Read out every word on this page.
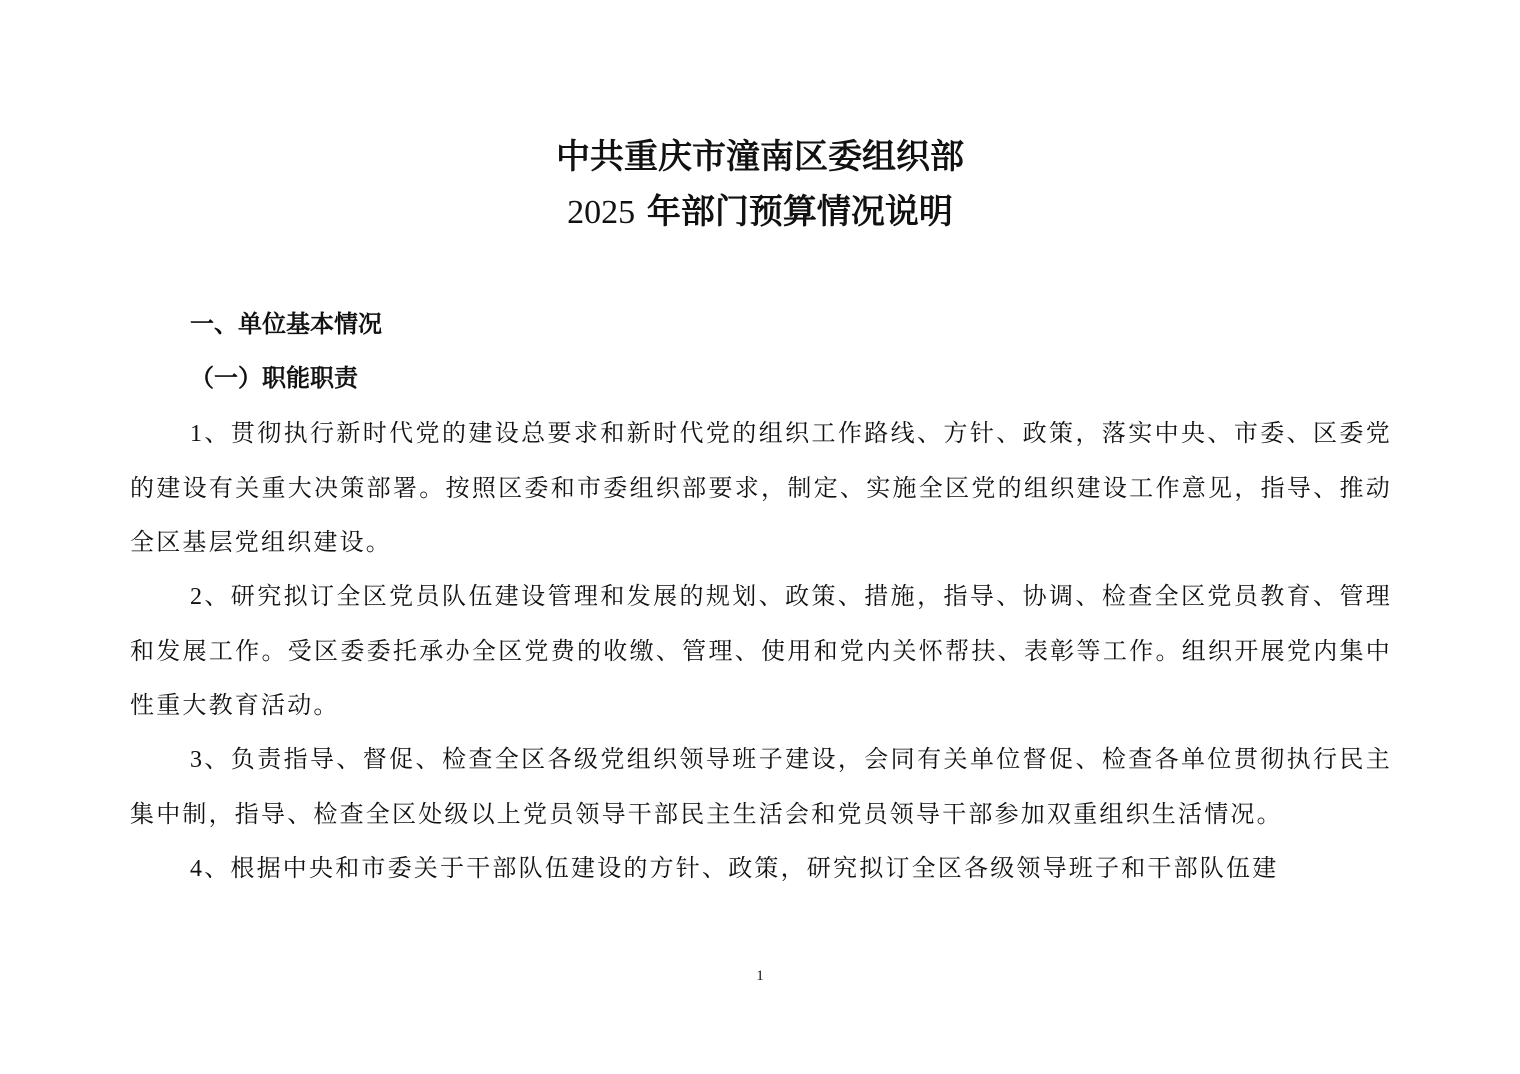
中共重庆市潼南区委组织部
2025 年部门预算情况说明
一、单位基本情况
（一）职能职责

1、贯彻执行新时代党的建设总要求和新时代党的组织工作路线、方针、政策，落实中央、市委、区委党的建设有关重大决策部署。按照区委和市委组织部要求，制定、实施全区党的组织建设工作意见，指导、推动全区基层党组织建设。

2、研究拟订全区党员队伍建设管理和发展的规划、政策、措施，指导、协调、检查全区党员教育、管理和发展工作。受区委委托承办全区党费的收缴、管理、使用和党内关怀帮扶、表彰等工作。组织开展党内集中性重大教育活动。

3、负责指导、督促、检查全区各级党组织领导班子建设，会同有关单位督促、检查各单位贯彻执行民主集中制，指导、检查全区处级以上党员领导干部民主生活会和党员领导干部参加双重组织生活情况。

4、根据中央和市委关于干部队伍建设的方针、政策，研究拟订全区各级领导班子和干部队伍建

1
